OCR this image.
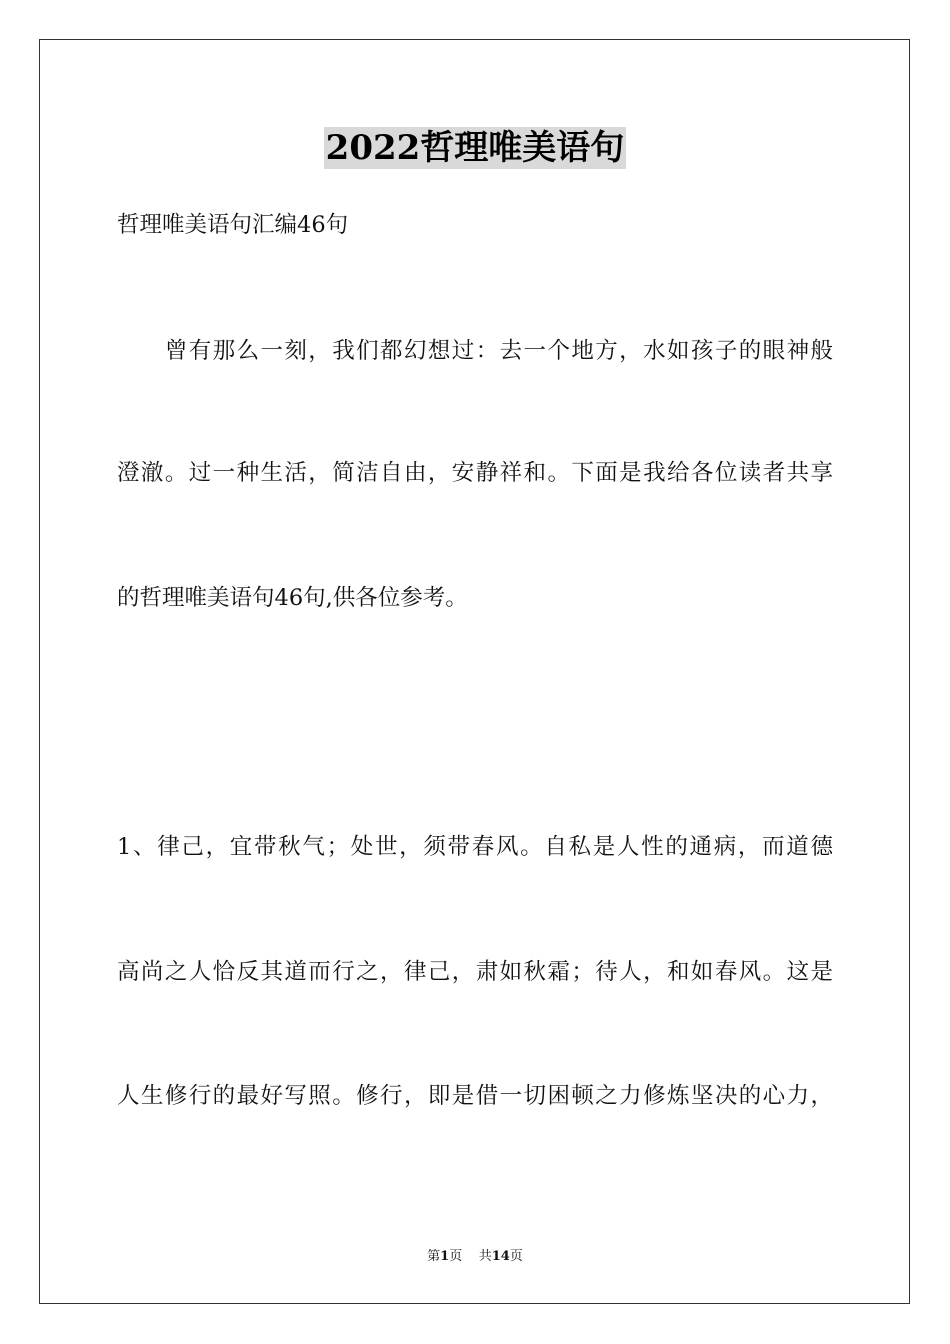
2022哲理唯美语句
哲理唯美语句汇编46句
　　曾有那么一刻，我们都幻想过：去一个地方，水如孩子的眼神般
澄澈。过一种生活，简洁自由，安静祥和。下面是我给各位读者共享
的哲理唯美语句46句,供各位参考。
1、律己，宜带秋气；处世，须带春风。自私是人性的通病，而道德
高尚之人恰反其道而行之，律己，肃如秋霜；待人，和如春风。这是
人生修行的最好写照。修行，即是借一切困顿之力修炼坚决的心力，
第1页 共14页
